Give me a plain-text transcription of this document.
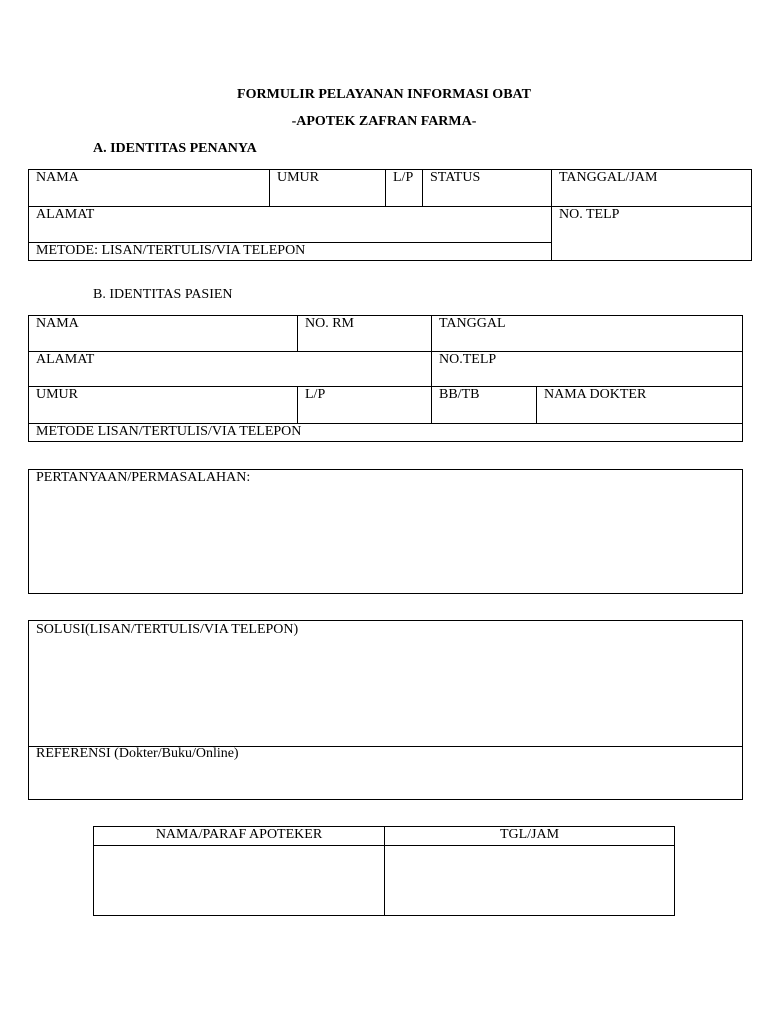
FORMULIR PELAYANAN INFORMASI OBAT
-APOTEK ZAFRAN FARMA-
A. IDENTITAS PENANYA
NAMA	UMUR	L/P	STATUS	TANGGAL/JAM
ALAMAT	NO. TELP
METODE: LISAN/TERTULIS/VIA TELEPON
B. IDENTITAS PASIEN
NAMA	NO. RM	TANGGAL
ALAMAT	NO.TELP
UMUR	L/P	BB/TB	NAMA DOKTER
METODE LISAN/TERTULIS/VIA TELEPON
PERTANYAAN/PERMASALAHAN:
SOLUSI(LISAN/TERTULIS/VIA TELEPON)
REFERENSI (Dokter/Buku/Online)
NAMA/PARAF APOTEKER	TGL/JAM
